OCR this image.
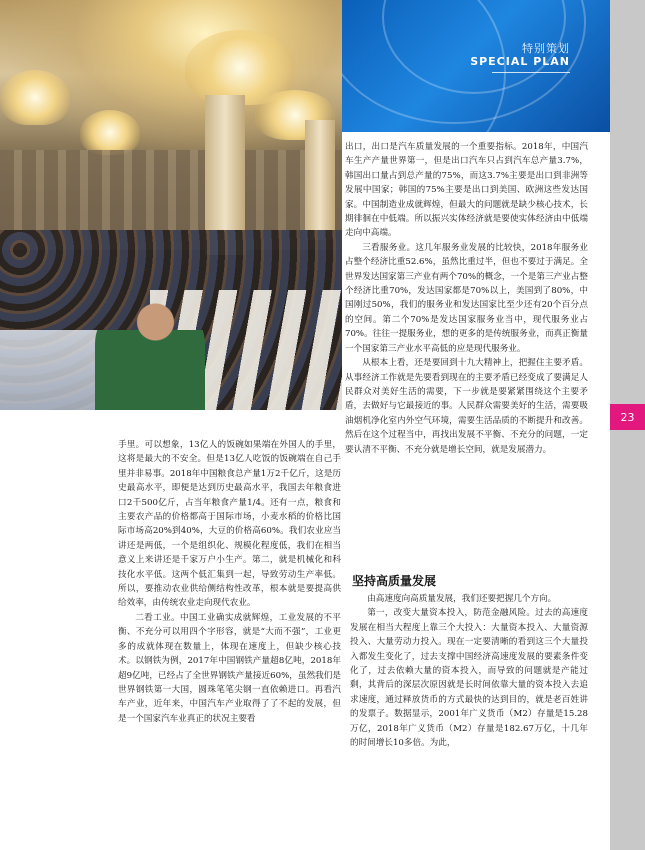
特别策划
SPECIAL PLAN
23

出口，出口是汽车质量发展的一个重要指标。2018年，中国汽车生产产量世界第一，但是出口汽车只占到汽车总产量3.7%，韩国出口量占到总产量的75%，而这3.7%主要是出口到非洲等发展中国家；韩国的75%主要是出口到美国、欧洲这些发达国家。中国制造业成就辉煌，但最大的问题就是缺少核心技术，长期徘徊在中低端。所以振兴实体经济就是要使实体经济由中低端走向中高端。

三看服务业。这几年服务业发展的比较快，2018年服务业占整个经济比重52.6%，虽然比重过半，但也不要过于满足。全世界发达国家第三产业有两个70%的概念，一个是第三产业占整个经济比重70%，发达国家都是70%以上，美国到了80%，中国刚过50%，我们的服务业和发达国家比至少还有20个百分点的空间。第二个70%是发达国家服务业当中，现代服务业占70%。往往一提服务业，想的更多的是传统服务业，而真正衡量一个国家第三产业水平高低的应是现代服务业。

从根本上看，还是要回到十九大精神上，把握住主要矛盾。从事经济工作就是先要看到现在的主要矛盾已经变成了要满足人民群众对美好生活的需要，下一步就是要紧紧围绕这个主要矛盾，去做好与它最接近的事。人民群众需要美好的生活，需要吸油烟机净化室内外空气环境，需要生活品质的不断提升和改善。然后在这个过程当中，再找出发展不平衡、不充分的问题，一定要认清不平衡、不充分就是增长空间，就是发展潜力。

手里。可以想象，13亿人的饭碗如果端在外国人的手里，这将是最大的不安全。但是13亿人吃饭的饭碗端在自己手里并非易事。2018年中国粮食总产量1万2千亿斤，这是历史最高水平，即便是达到历史最高水平，我国去年粮食进口2千500亿斤，占当年粮食产量1/4。还有一点，粮食和主要农产品的价格都高于国际市场，小麦水稻的价格比国际市场高20%到40%，大豆的价格高60%。我们农业应当讲还是两低，一个是组织化、规模化程度低，我们在相当意义上来讲还是千家万户小生产。第二，就是机械化和科技化水平低。这两个低汇集到一起，导致劳动生产率低。所以，要推动农业供给侧结构性改革，根本就是要提高供给效率，由传统农业走向现代农业。

二看工业。中国工业确实成就辉煌，工业发展的不平衡、不充分可以用四个字形容，就是“大而不强”，工业更多的成就体现在数量上，体现在速度上，但缺少核心技术。以钢铁为例，2017年中国钢铁产量超8亿吨，2018年超9亿吨，已经占了全世界钢铁产量接近60%，虽然我们是世界钢铁第一大国，圆珠笔笔尖钢一直依赖进口。再看汽车产业，近年来，中国汽车产业取得了了不起的发展，但是一个国家汽车业真正的状况主要看

坚持高质量发展

由高速度向高质量发展，我们还要把握几个方向。

第一，改变大量资本投入，防范金融风险。过去的高速度发展在相当大程度上靠三个大投入：大量资本投入、大量资源投入、大量劳动力投入。现在一定要清晰的看到这三个大量投入都发生变化了，过去支撑中国经济高速度发展的要素条件变化了，过去依赖大量的资本投入，而导致的问题就是产能过剩，其背后的深层次原因就是长时间依靠大量的资本投入去追求速度，通过释放货币的方式最快的达到目的，就是老百姓讲的发票子。数据显示，2001年广义货币（M2）存量是15.28万亿，2018年广义货币（M2）存量是182.67万亿，十几年的时间增长10多倍。为此，
